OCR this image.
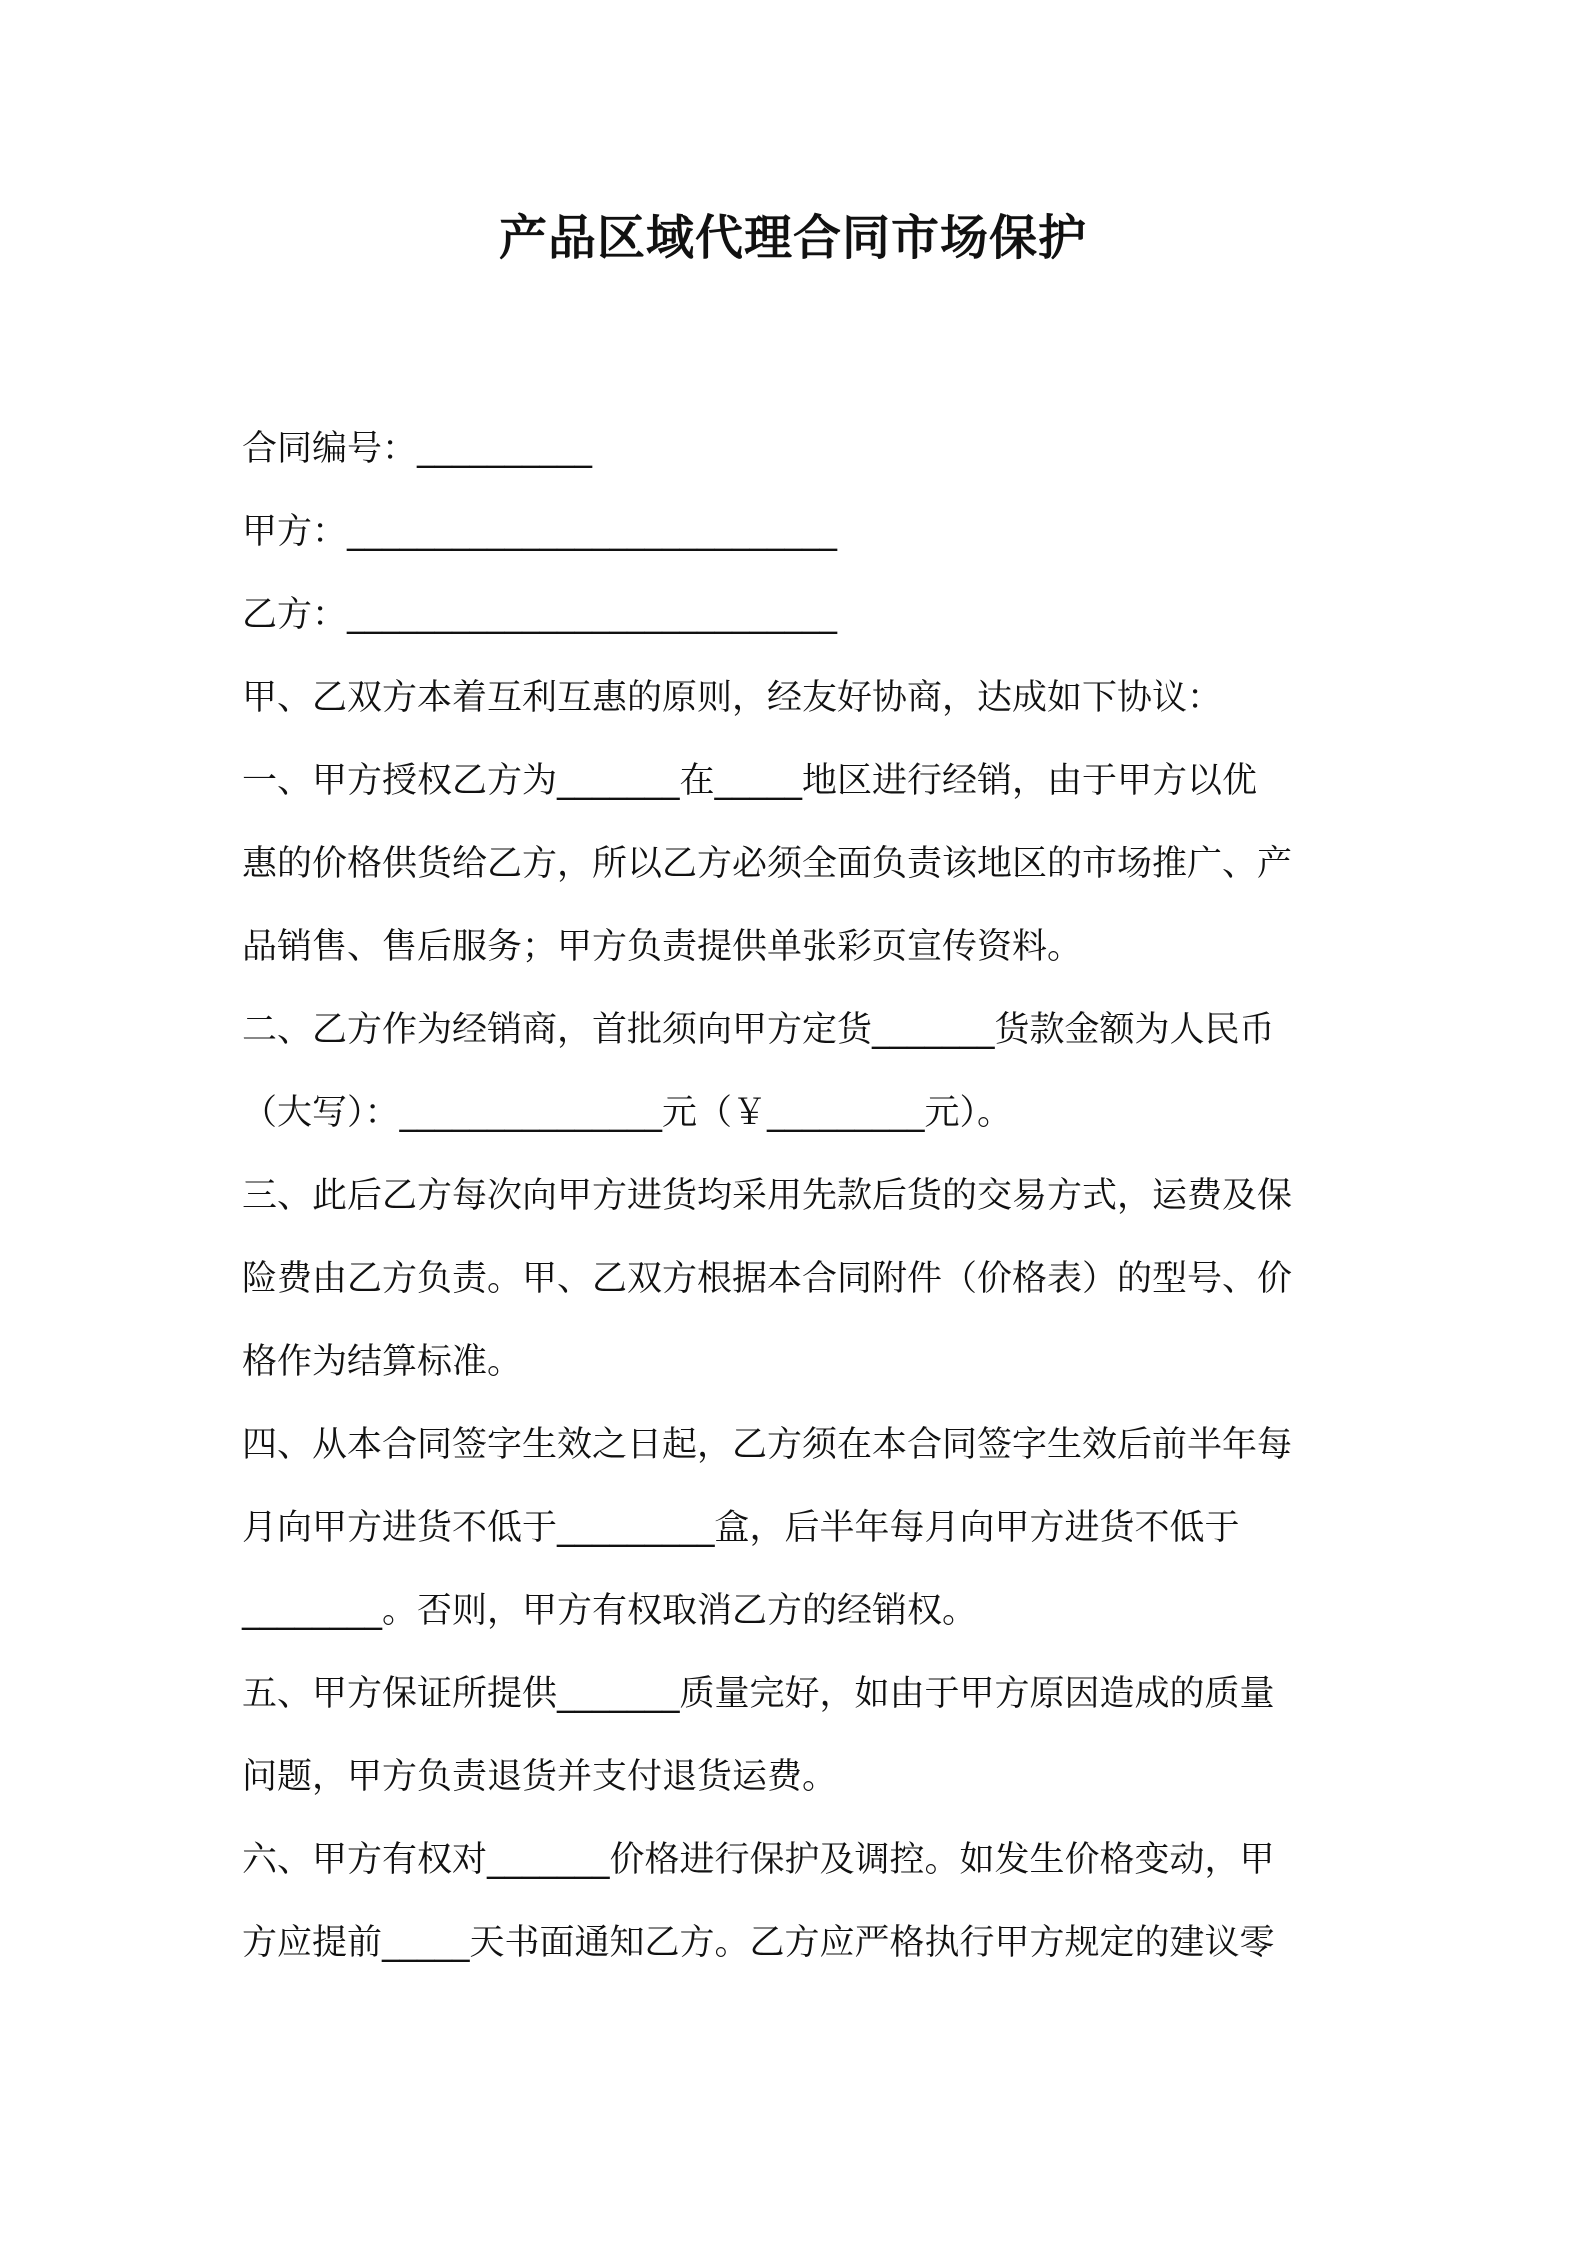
产品区域代理合同市场保护
合同编号：__________
甲方：____________________________
乙方：____________________________
甲、乙双方本着互利互惠的原则，经友好协商，达成如下协议：
一、甲方授权乙方为_______在_____地区进行经销，由于甲方以优
惠的价格供货给乙方，所以乙方必须全面负责该地区的市场推广、产
品销售、售后服务；甲方负责提供单张彩页宣传资料。
二、乙方作为经销商，首批须向甲方定货_______货款金额为人民币
（大写）：_______________元（￥_________元）。
三、此后乙方每次向甲方进货均采用先款后货的交易方式，运费及保
险费由乙方负责。甲、乙双方根据本合同附件（价格表）的型号、价
格作为结算标准。
四、从本合同签字生效之日起，乙方须在本合同签字生效后前半年每
月向甲方进货不低于_________盒，后半年每月向甲方进货不低于
________。否则，甲方有权取消乙方的经销权。
五、甲方保证所提供_______质量完好，如由于甲方原因造成的质量
问题，甲方负责退货并支付退货运费。
六、甲方有权对_______价格进行保护及调控。如发生价格变动，甲
方应提前_____天书面通知乙方。乙方应严格执行甲方规定的建议零
